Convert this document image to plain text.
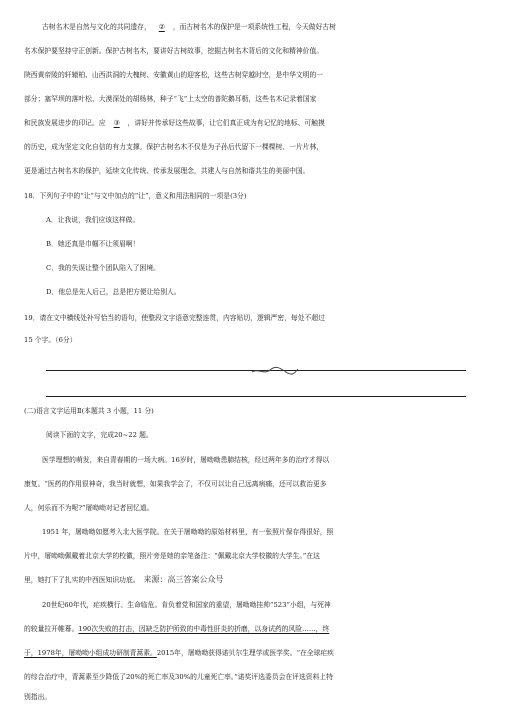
古树名木是自然与文化的共同遗存， ② ，而古树名木的保护是一项系统性工程，今天做好古树
名木保护要坚持守正创新。保护古树名木，要讲好古树故事，挖掘古树名木背后的文化和精神价值。
陕西黄帝陵的轩辕柏、山西洪洞的大槐树、安徽黄山的迎客松，这些古树穿越时空，是中华文明的一
部分；塞罕坝的落叶松、大漠深处的胡杨林，种子“飞”上太空的普陀鹅耳枥，这些名木记录着国家
和民族发展进步的印记。应 ③ ，讲好并传承好这些故事，让它们真正成为有记忆的地标、可触摸
的历史，成为坚定文化自信的有力支撑。保护古树名木不仅是为子孙后代留下一棵棵树、一片片林，
更是通过古树名木的保护，延续文化传统、传承发展理念，共建人与自然和谐共生的美丽中国。
18．下列句子中的“让”与文中加点的“让”，意义和用法相同的一项是(3分)
A．让我说，我们应该这样做。
B．她还真是巾帼不让须眉啊！
C．我的失误让整个团队陷入了困境。
D．他总是先人后己，总是把方便让给别人。
19．请在文中横线处补写恰当的语句，使整段文字语意完整连贯，内容贴切，逻辑严密，每处不超过
15 个字。（6分）
(二)语言文字运用Ⅱ(本题共 3 小题，11 分)
阅读下面的文字，完成20~22 题。
医学理想的萌发，来自青春期的一场大病。16岁时，屠呦呦患肺结核，经过两年多的治疗才得以
康复。“医药的作用很神奇，我当时就想，如果我学会了，不仅可以让自己远离病痛，还可以救治更多
人，何乐而不为呢?”屠呦呦对记者回忆道。
1951 年，屠呦呦如愿考入北大医学院。在关于屠呦呦的原始材料里，有一张照片保存得很好，照
片中，屠呦呦佩戴着北京大学的校徽，照片旁是她的亲笔备注：“佩戴北京大学校徽的大学生。”在这
里，她打下了扎实的中西医知识功底。 来源：高三答案公众号
20世纪60年代，疟疾横行、生命临危。肯负着党和国家的重望，屠呦呦挂帅“523”小组，与死神
的较量拉开帷幕。190次失败的打击，因缺乏防护所致的中毒性肝炎的折磨，以身试药的风险……，终
于，1978年，屠呦呦小组成功研制青蒿素。2015年，屠呦呦获得诺贝尔生理学或医学奖。“在全球疟疾
的综合治疗中，青蒿素至少降低了20%的死亡率及30%的儿童死亡率。”诺奖评选委员会在评选资料上特
别指出。
